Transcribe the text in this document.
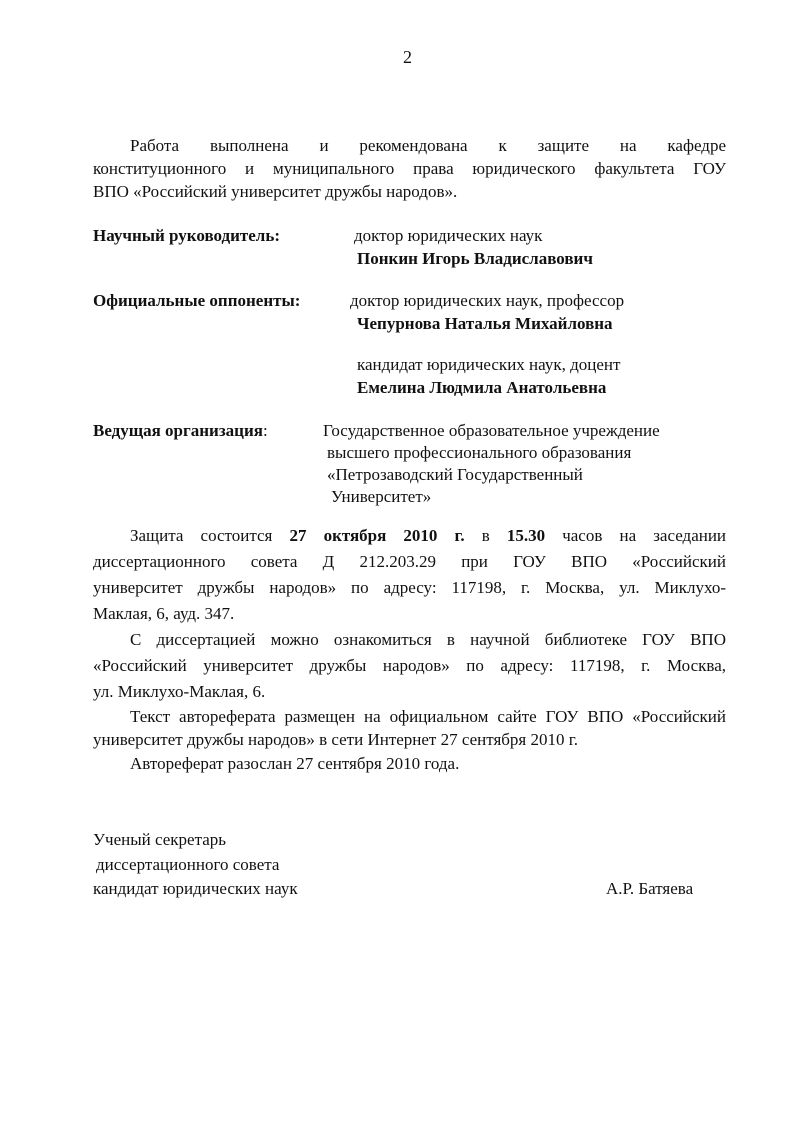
2
Работа выполнена и рекомендована к защите на кафедре
конституционного и муниципального права юридического факультета ГОУ
ВПО «Российский университет дружбы народов».
Научный руководитель:	доктор юридических наук
Понкин Игорь Владиславович
Официальные оппоненты:	доктор юридических наук, профессор
Чепурнова Наталья Михайловна
кандидат юридических наук, доцент
Емелина Людмила Анатольевна
Ведущая организация:	Государственное образовательное учреждение
высшего профессионального образования
«Петрозаводский Государственный
Университет»
Защита состоится 27 октября 2010 г. в 15.30 часов на заседании
диссертационного совета Д 212.203.29 при ГОУ ВПО «Российский
университет дружбы народов» по адресу: 117198, г. Москва, ул. Миклухо-
Маклая, 6, ауд. 347.
С диссертацией можно ознакомиться в научной библиотеке ГОУ ВПО
«Российский университет дружбы народов» по адресу: 117198, г. Москва,
ул. Миклухо-Маклая, 6.
Текст автореферата размещен на официальном сайте ГОУ ВПО «Российский
университет дружбы народов» в сети Интернет 27 сентября 2010 г.
Автореферат разослан 27 сентября 2010 года.
Ученый секретарь
диссертационного совета
кандидат юридических наук	А.Р. Батяева
